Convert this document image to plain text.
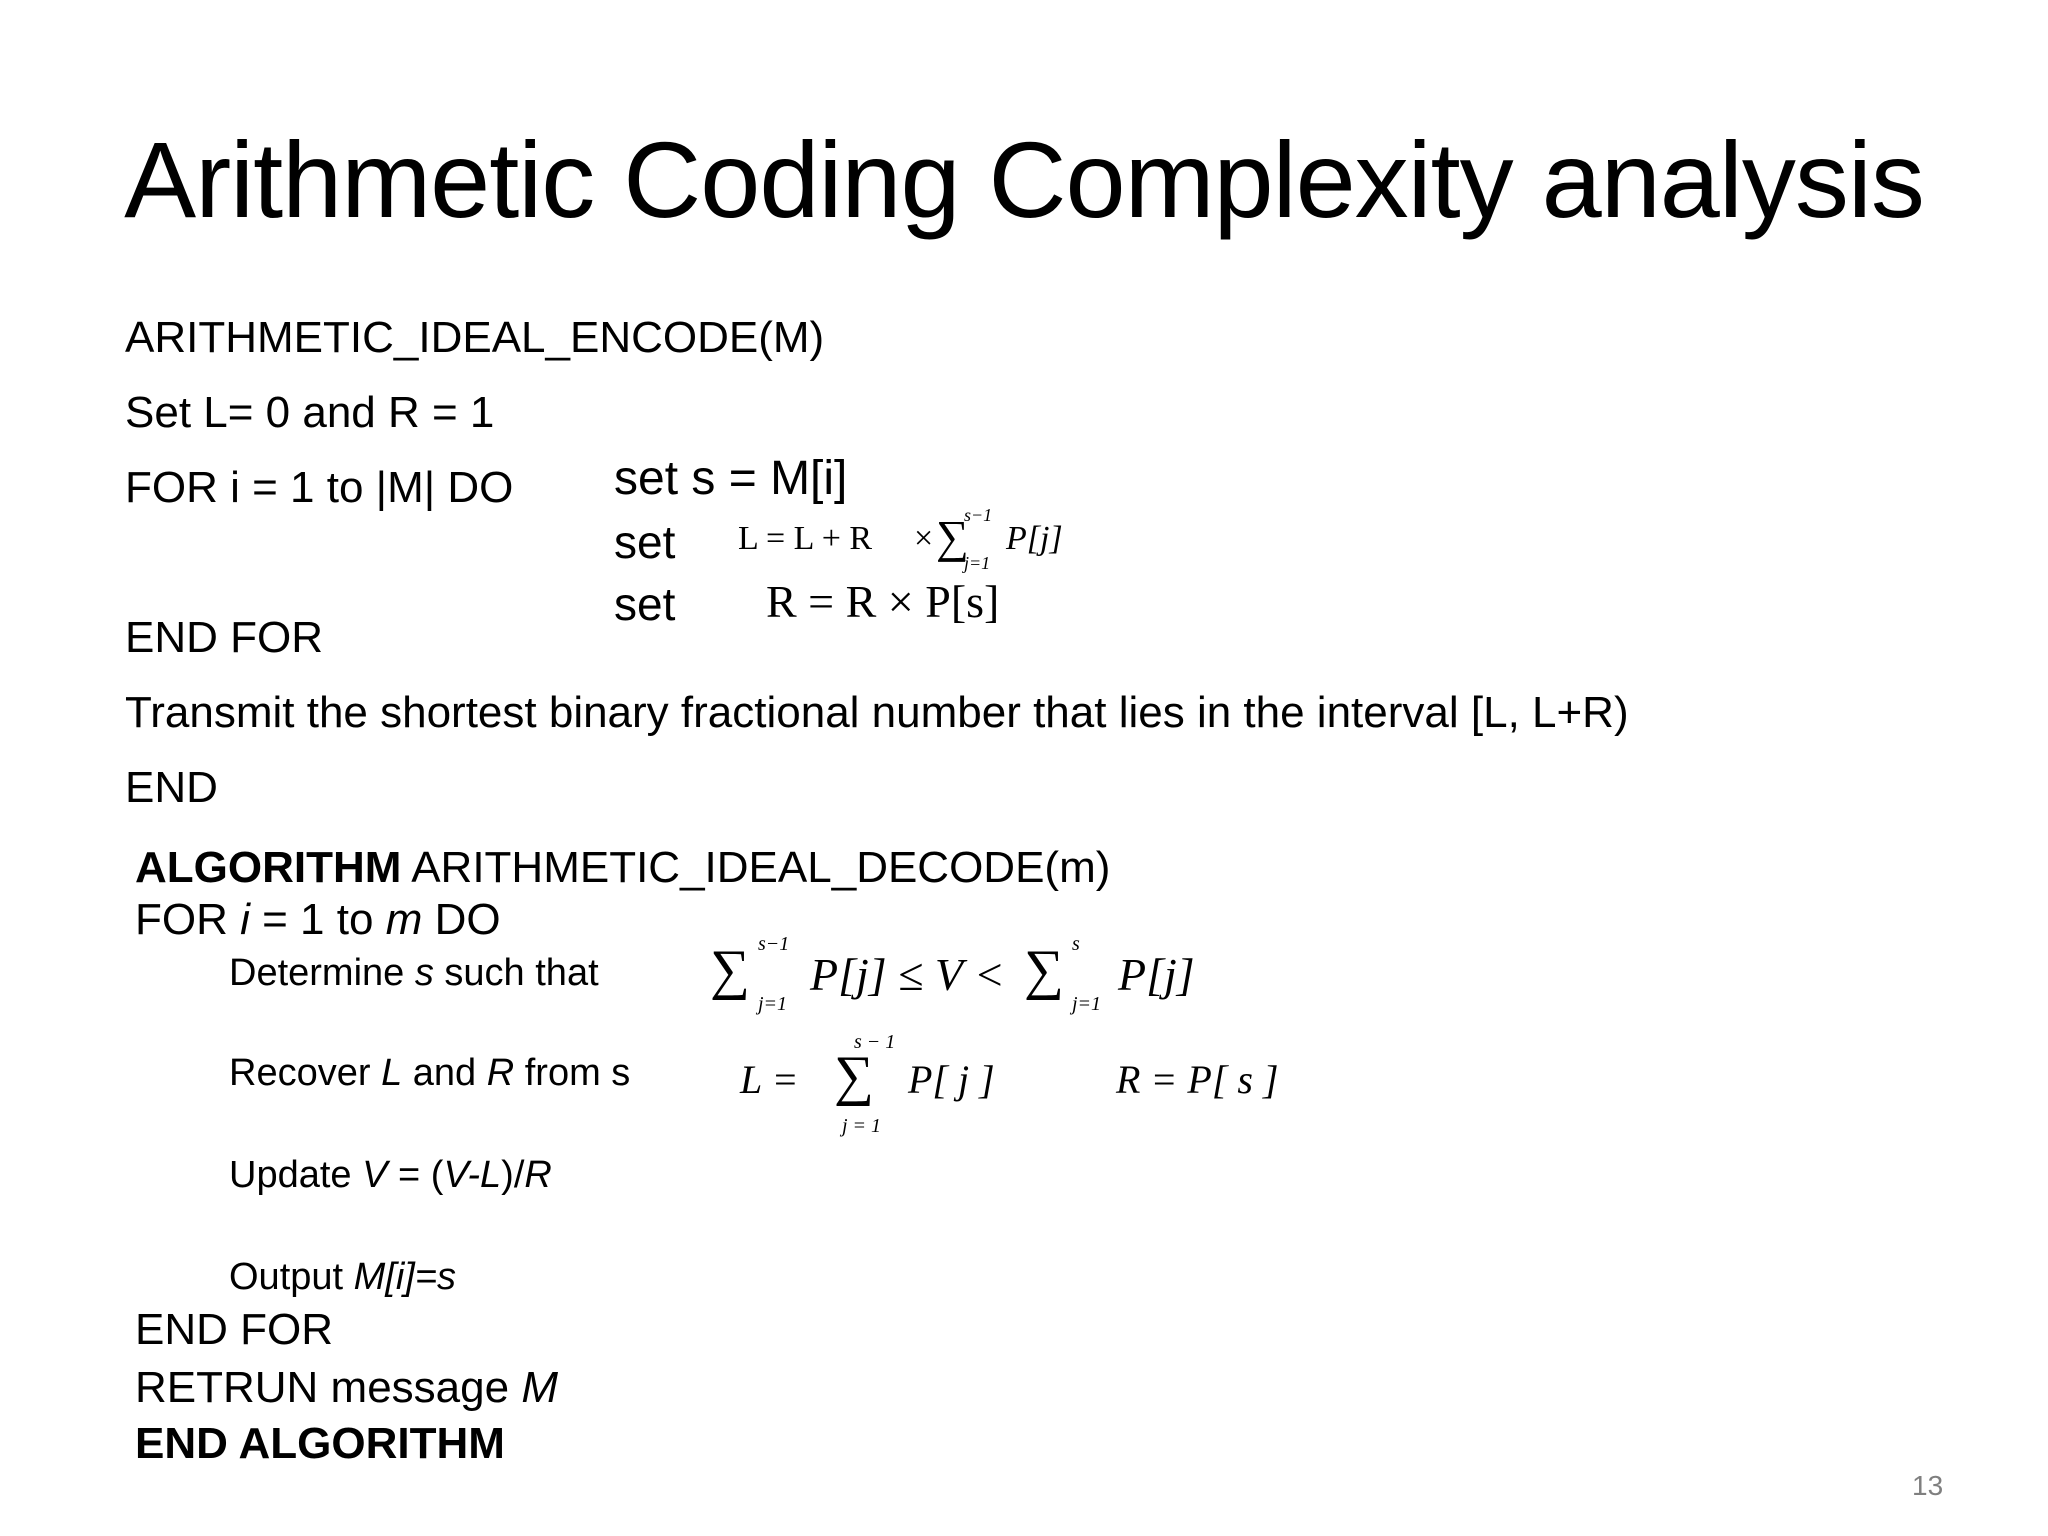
Arithmetic Coding Complexity analysis
ARITHMETIC_IDEAL_ENCODE(M)
Set L= 0 and R = 1
FOR i = 1 to |M| DO set s = M[i]
set L = L + R × ∑
s−1
j=1
P[j]
set R = R × P[s]
END FOR
Transmit the shortest binary fractional number that lies in the interval [L, L+R)
END
ALGORITHM ARITHMETIC_IDEAL_DECODE(m)
FOR i = 1 to m DO
Determine s such that ∑ s−1
j=1
P[j] ≤ V < ∑ s
j=1
P[j]
Recover L and R from s	L =
s − 1
∑
j = 1
P[ j ]	R = P[ s ]
Update V = (V-L)/R
Output M[i]=s
END FOR
RETRUN message M
END ALGORITHM
13
